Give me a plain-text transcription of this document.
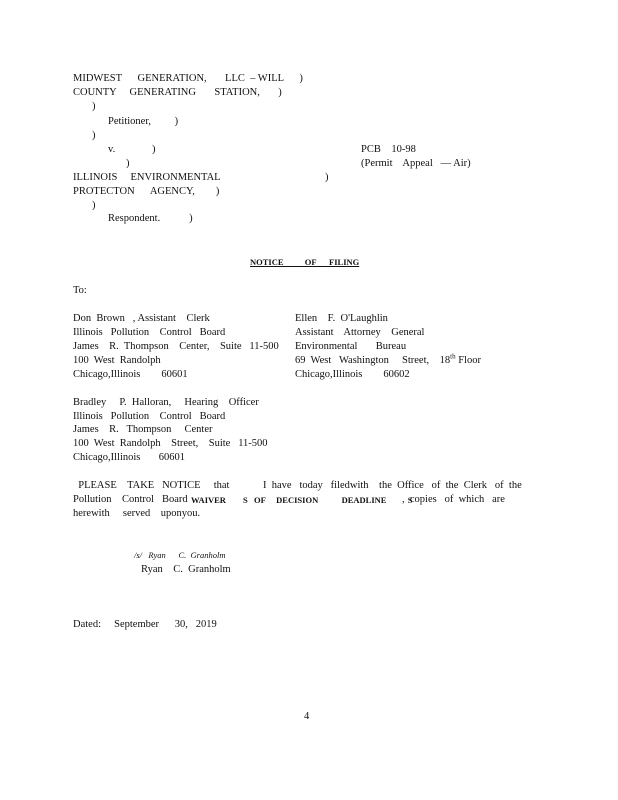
MIDWEST      GENERATION,       LLC  – WILL      )
COUNTY     GENERATING       STATION,       )
)
Petitioner,         )
)
v.              )	PCB    10-98
)	(Permit    Appeal   — Air)
ILLINOIS     ENVIRONMENTAL	)
PROTECTON      AGENCY,        )
)
Respondent.           )
NOTICE          OF      FILING
To:
Don  Brown   , Assistant    Clerk
Illinois   Pollution    Control   Board
James    R.  Thompson    Center,    Suite   11-500
100  West  Randolph
Chicago,Illinois        60601
Ellen    F.  O'Laughlin
Assistant    Attorney    General
Environmental       Bureau
69  West   Washington     Street,    18th Floor
Chicago,Illinois        60602
Bradley     P.  Halloran,     Hearing    Officer
Illinois   Pollution    Control   Board
James    R.   Thompson     Center
100  West  Randolph    Street,    Suite   11-500
Chicago,Illinois       60601
PLEASE    TAKE   NOTICE     that	I  have   today   filedwith    the  Office   of  the  Clerk   of  the
Pollution    Control   Board WAIVER        S   OF     DECISION           DEADLINE          S
,  copies   of  which   are
herewith     served    uponyou.
/s/   Ryan      C.  Granholm
Ryan    C.  Granholm
Dated:     September      30,   2019
4
